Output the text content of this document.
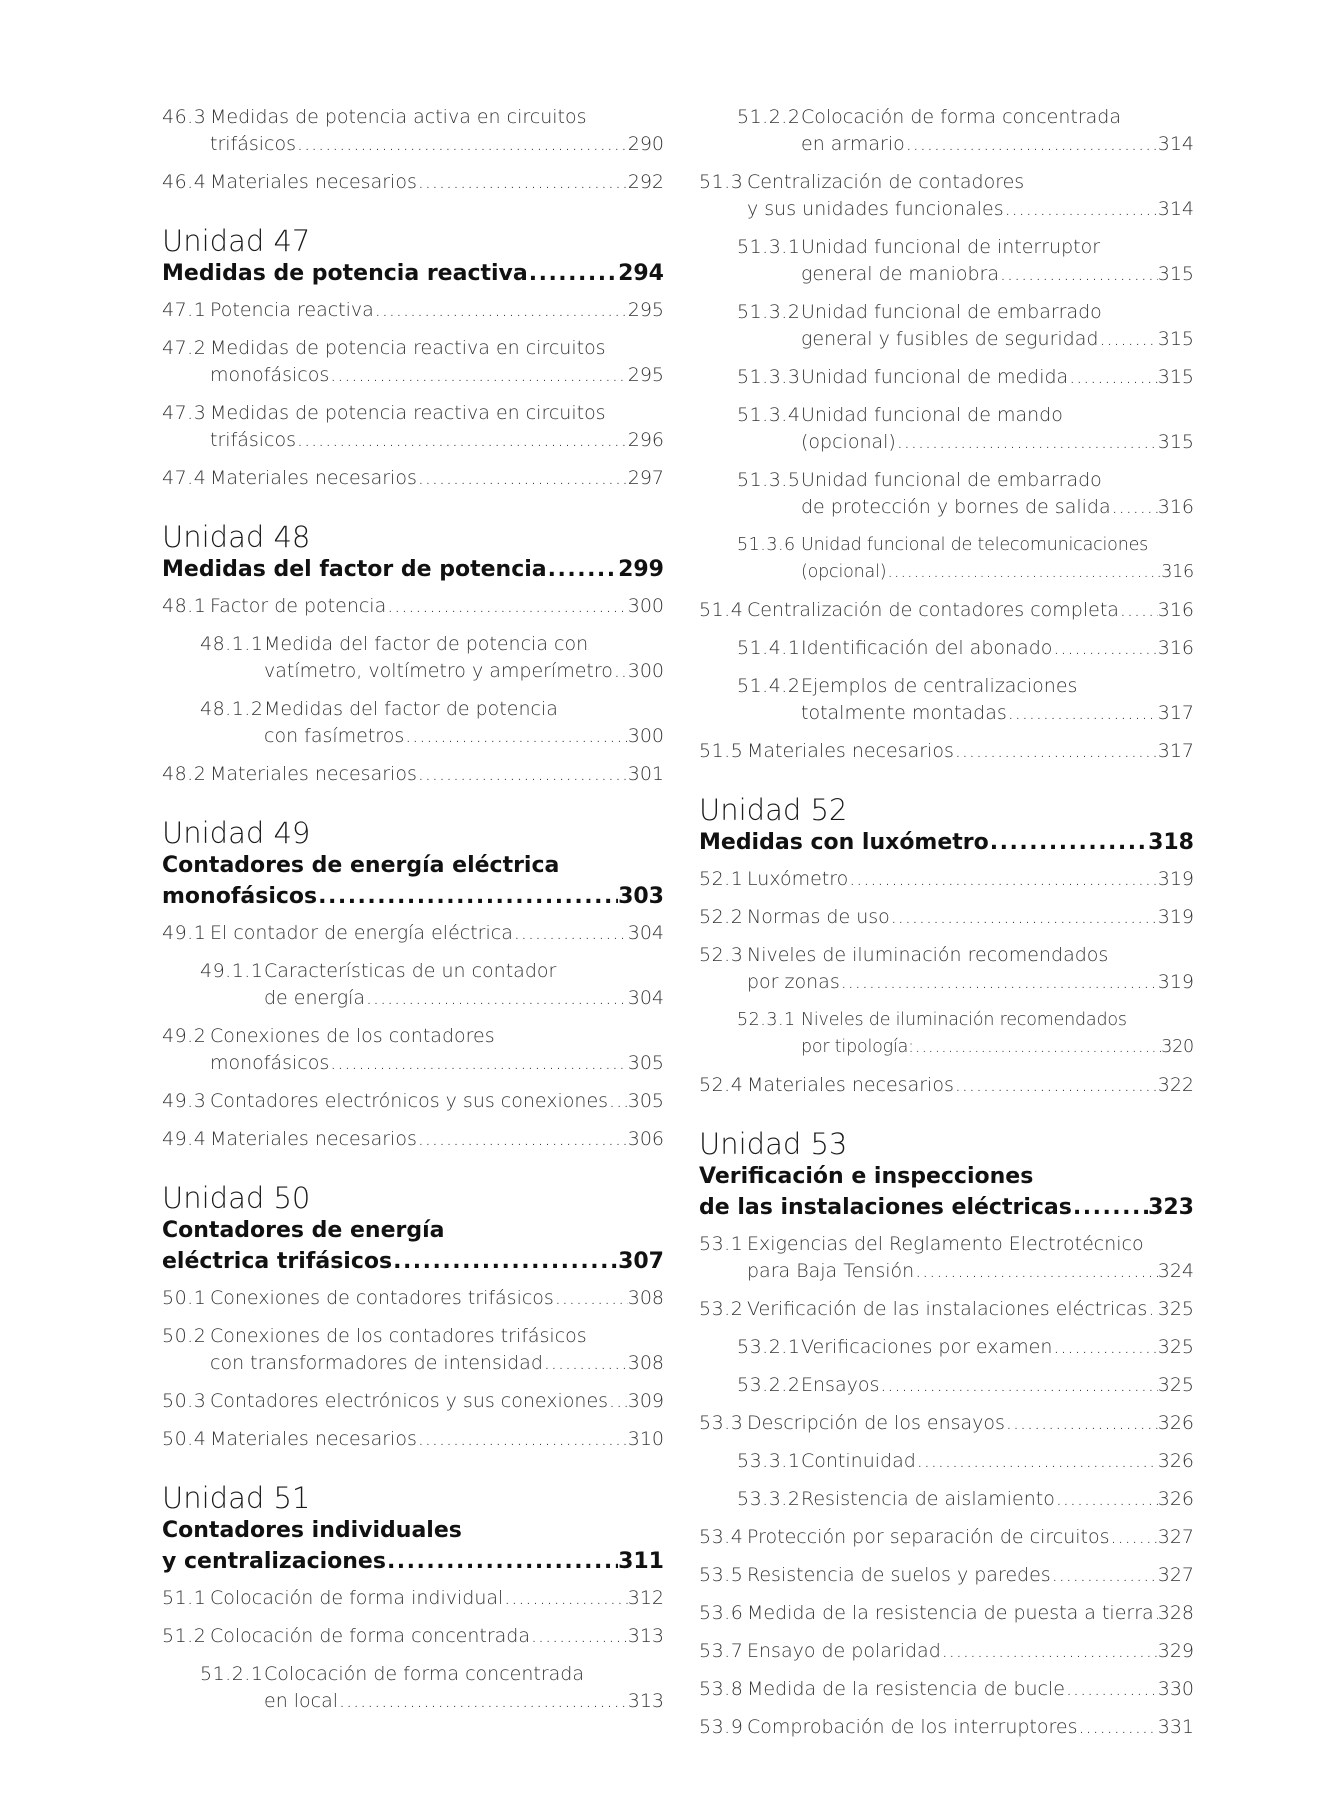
46.3 Medidas de potencia activa en circuitos
trifásicos .....	290
46.4 Materiales necesarios .....	292
Unidad 47
Medidas de potencia reactiva .....	294
47.1 Potencia reactiva .....	295
47.2 Medidas de potencia reactiva en circuitos
monofásicos .....	295
47.3 Medidas de potencia reactiva en circuitos
trifásicos .....	296
47.4 Materiales necesarios .....	297
Unidad 48
Medidas del factor de potencia .....	299
48.1 Factor de potencia .....	300
48.1.1 Medida del factor de potencia con
vatímetro, voltímetro y amperímetro ..... 300
48.1.2 Medidas del factor de potencia
con fasímetros .....	300
48.2 Materiales necesarios .....	301
Unidad 49
Contadores de energía eléctrica
monofásicos .....	303
49.1 El contador de energía eléctrica .....	304
49.1.1 Características de un contador
de energía .....	304
49.2 Conexiones de los contadores
monofásicos .....	305
49.3 Contadores electrónicos y sus conexiones ..... 305
49.4 Materiales necesarios .....	306
Unidad 50
Contadores de energía
eléctrica trifásicos .....	307
50.1 Conexiones de contadores trifásicos .....	308
50.2 Conexiones de los contadores trifásicos
con transformadores de intensidad .....	308
50.3 Contadores electrónicos y sus conexiones ..... 309
50.4 Materiales necesarios .....	310
Unidad 51
Contadores individuales
y centralizaciones .....	311
51.1 Colocación de forma individual .....	312
51.2 Colocación de forma concentrada .....	313
51.2.1 Colocación de forma concentrada
en local .....	313
51.2.2 Colocación de forma concentrada
en armario .....	314
51.3 Centralización de contadores
y sus unidades funcionales .....	314
51.3.1 Unidad funcional de interruptor
general de maniobra .....	315
51.3.2 Unidad funcional de embarrado
general y fusibles de seguridad .....	315
51.3.3 Unidad funcional de medida .....	315
51.3.4 Unidad funcional de mando
(opcional) .....	315
51.3.5 Unidad funcional de embarrado
de protección y bornes de salida ..... 316
51.3.6 Unidad funcional de telecomunicaciones
(opcional) .....	316
51.4 Centralización de contadores completa ..... 316
51.4.1 Identificación del abonado .....	316
51.4.2 Ejemplos de centralizaciones
totalmente montadas .....	317
51.5 Materiales necesarios .....	317
Unidad 52
Medidas con luxómetro .....	318
52.1 Luxómetro .....	319
52.2 Normas de uso .....	319
52.3 Niveles de iluminación recomendados
por zonas .....	319
52.3.1 Niveles de iluminación recomendados
por tipología: .....	320
52.4 Materiales necesarios .....	322
Unidad 53
Verificación e inspecciones
de las instalaciones eléctricas .....	323
53.1 Exigencias del Reglamento Electrotécnico
para Baja Tensión .....	324
53.2 Verificación de las instalaciones eléctricas ..... 325
53.2.1 Verificaciones por examen .....	325
53.2.2 Ensayos .....	325
53.3 Descripción de los ensayos .....	326
53.3.1 Continuidad .....	326
53.3.2 Resistencia de aislamiento .....	326
53.4 Protección por separación de circuitos .....	327
53.5 Resistencia de suelos y paredes .....	327
53.6 Medida de la resistencia de puesta a tierra ..... 328
53.7 Ensayo de polaridad .....	329
53.8 Medida de la resistencia de bucle .....	330
53.9 Comprobación de los interruptores .....	331
